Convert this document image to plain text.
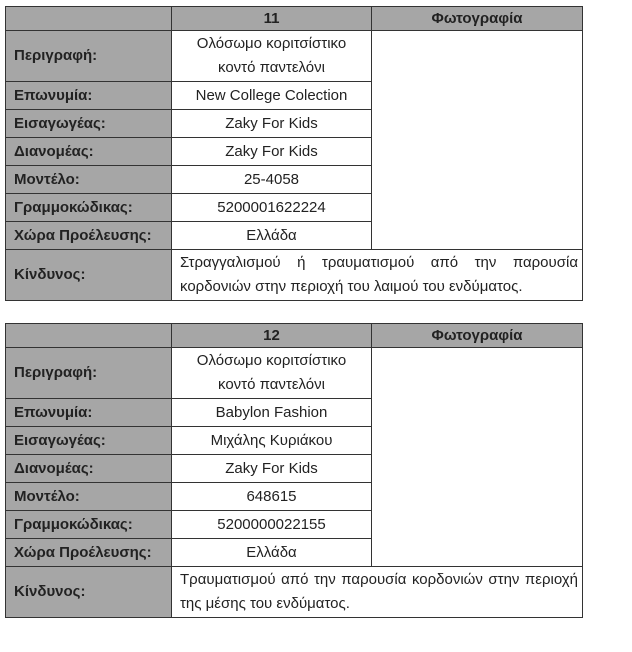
	11	Φωτογραφία
Περιγραφή:	Ολόσωμο κοριτσίστικο
κοντό παντελόνι	

Επωνυμία:	New College Colection	
Εισαγωγέας:	Zaky For Kids	
Διανομέας:	Zaky For Kids	
Μοντέλο:	25-4058	
Γραμμοκώδικας:	5200001622224	
Χώρα Προέλευσης:	Ελλάδα	
Κίνδυνος:	Στραγγαλισμού ή τραυματισμού από την παρουσία κορδονιών στην περιοχή του λαιμού του ενδύματος.	
	12	Φωτογραφία
Περιγραφή:	Ολόσωμο κοριτσίστικο
κοντό παντελόνι	

Επωνυμία:	Babylon Fashion	
Εισαγωγέας:	Μιχάλης Κυριάκου	
Διανομέας:	Zaky For Kids	
Μοντέλο:	648615	
Γραμμοκώδικας:	5200000022155	
Χώρα Προέλευσης:	Ελλάδα	
Κίνδυνος:	Τραυματισμού από την παρουσία κορδονιών στην περιοχή της μέσης του ενδύματος.	
